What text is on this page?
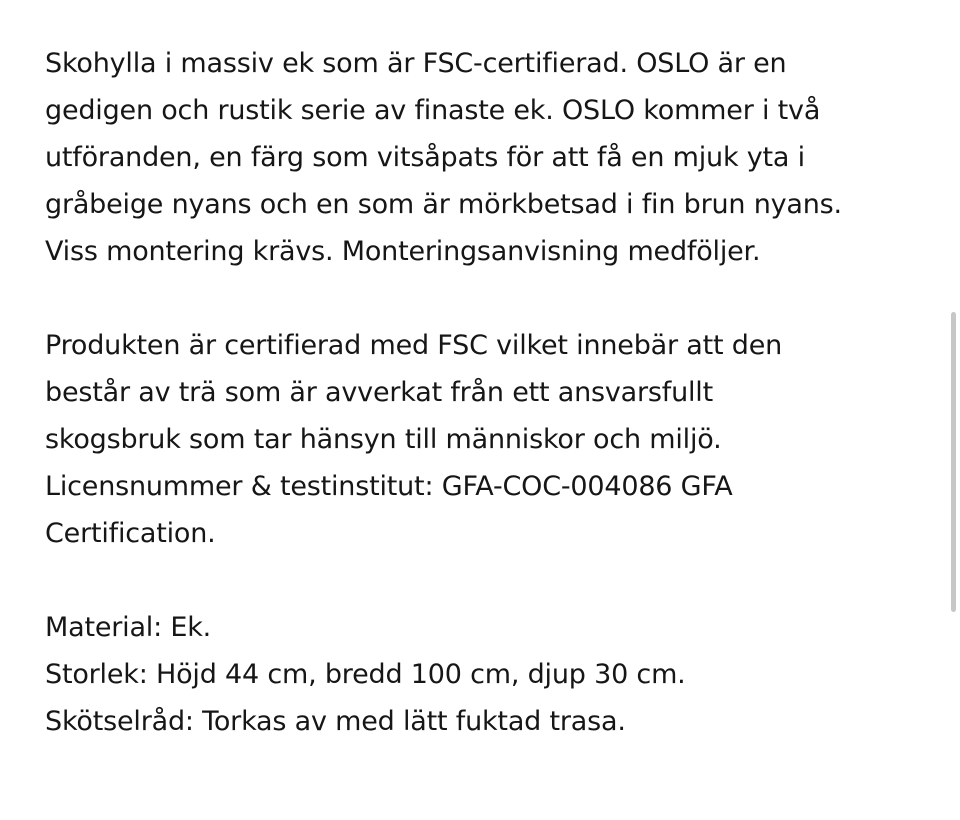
Skohylla i massiv ek som är FSC-certifierad. OSLO är en
gedigen och rustik serie av finaste ek. OSLO kommer i två
utföranden, en färg som vitsåpats för att få en mjuk yta i
gråbeige nyans och en som är mörkbetsad i fin brun nyans.
Viss montering krävs. Monteringsanvisning medföljer.

Produkten är certifierad med FSC vilket innebär att den
består av trä som är avverkat från ett ansvarsfullt
skogsbruk som tar hänsyn till människor och miljö.
Licensnummer & testinstitut: GFA-COC-004086 GFA
Certification.

Material: Ek.
Storlek: Höjd 44 cm, bredd 100 cm, djup 30 cm.
Skötselråd: Torkas av med lätt fuktad trasa.
